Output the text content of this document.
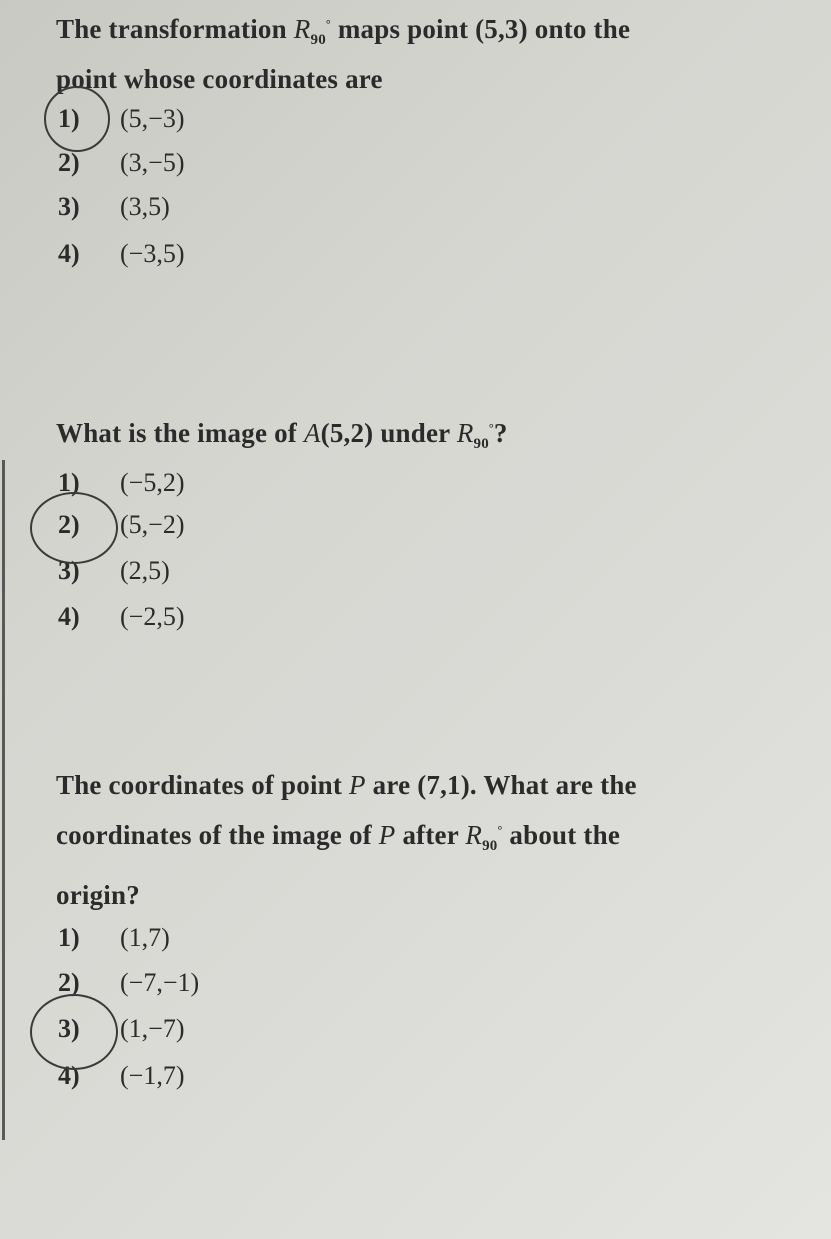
The transformation $R_{90}^\circ$ maps point (5,3) onto the
point whose coordinates are
1) (5,−3)
2) (3,−5)
3) (3,5)
4) (−3,5)
What is the image of A(5,2) under $R_{90}^\circ$?
1) (−5,2)
2) (5,−2)
3) (2,5)
4) (−2,5)
The coordinates of point P are (7,1). What are the
coordinates of the image of P after $R_{90}^\circ$ about the
origin?
1) (1,7)
2) (−7,−1)
3) (1,−7)
4) (−1,7)
